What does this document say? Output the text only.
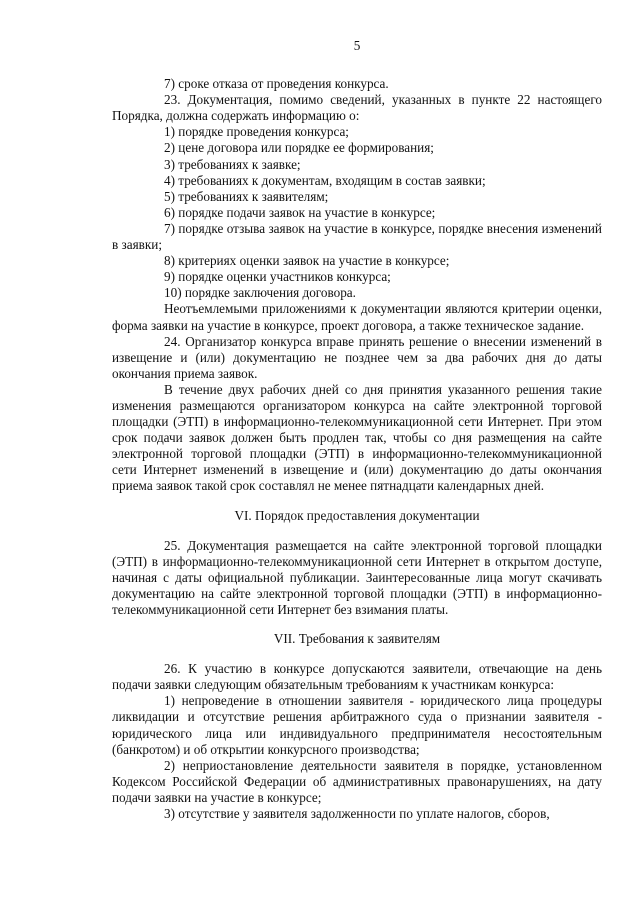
5

7) сроке отказа от проведения конкурса.

23. Документация, помимо сведений, указанных в пункте 22 настоящего Порядка, должна содержать информацию о:

1) порядке проведения конкурса;

2) цене договора или порядке ее формирования;

3) требованиях к заявке;

4) требованиях к документам, входящим в состав заявки;

5) требованиях к заявителям;

6) порядке подачи заявок на участие в конкурсе;

7) порядке отзыва заявок на участие в конкурсе, порядке внесения изменений в заявки;

8) критериях оценки заявок на участие в конкурсе;

9) порядке оценки участников конкурса;

10) порядке заключения договора.

Неотъемлемыми приложениями к документации являются критерии оценки, форма заявки на участие в конкурсе, проект договора, а также техническое задание.

24. Организатор конкурса вправе принять решение о внесении изменений в извещение и (или) документацию не позднее чем за два рабочих дня до даты окончания приема заявок.

В течение двух рабочих дней со дня принятия указанного решения такие изменения размещаются организатором конкурса на сайте электронной торговой площадки (ЭТП) в информационно-телекоммуникационной сети Интернет. При этом срок подачи заявок должен быть продлен так, чтобы со дня размещения на сайте электронной торговой площадки (ЭТП) в информационно-телекоммуникационной сети Интернет изменений в извещение и (или) документацию до даты окончания приема заявок такой срок составлял не менее пятнадцати календарных дней.

VI. Порядок предоставления документации

25. Документация размещается на сайте электронной торговой площадки (ЭТП) в информационно-телекоммуникационной сети Интернет в открытом доступе, начиная с даты официальной публикации. Заинтересованные лица могут скачивать документацию на сайте электронной торговой площадки (ЭТП) в информационно-телекоммуникационной сети Интернет без взимания платы.

VII. Требования к заявителям

26. К участию в конкурсе допускаются заявители, отвечающие на день подачи заявки следующим обязательным требованиям к участникам конкурса:

1) непроведение в отношении заявителя - юридического лица процедуры ликвидации и отсутствие решения арбитражного суда о признании заявителя - юридического лица или индивидуального предпринимателя несостоятельным (банкротом) и об открытии конкурсного производства;

2) неприостановление деятельности заявителя в порядке, установленном Кодексом Российской Федерации об административных правонарушениях, на дату подачи заявки на участие в конкурсе;

3) отсутствие у заявителя задолженности по уплате налогов, сборов,
